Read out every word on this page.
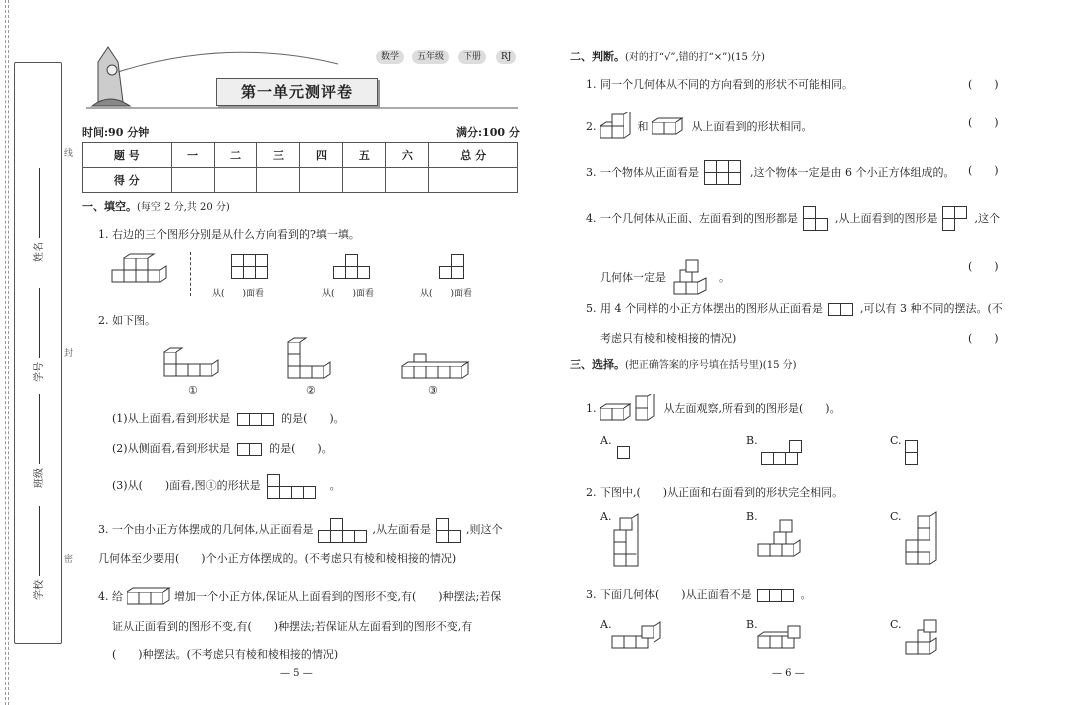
姓名
学号
班级
学校
线
封
密
数学	五年级	下册	RJ
第一单元测评卷
时间:90 分钟	满分:100 分
题 号	一	二	三	四	五	六	总 分
得 分							
一、填空。(每空 2 分,共 20 分)
1. 右边的三个图形分别是从什么方向看到的?填一填。
从(　　)面看	从(　　)面看	从(　　)面看
2. 如下图。
①	②	③
(1)从上面看,看到形状是	的是(　　)。
(2)从侧面看,看到形状是	的是(　　)。
(3)从(　　)面看,图①的形状是	。
3. 一个由小正方体摆成的几何体,从正面看是	,从左面看是	,则这个
几何体至少要用(　　)个小正方体摆成的。(不考虑只有棱和棱相接的情况)
4. 给	增加一个小正方体,保证从上面看到的图形不变,有(　　)种摆法;若保
证从正面看到的图形不变,有(　　)种摆法;若保证从左面看到的图形不变,有
(　　)种摆法。(不考虑只有棱和棱相接的情况)
— 5 —
二、判断。(对的打“√”,错的打“×”)(15 分)
1. 同一个几何体从不同的方向看到的形状不可能相同。	(　　)
2.	和	从上面看到的形状相同。	(　　)
3. 一个物体从正面看是	,这个物体一定是由 6 个小正方体组成的。 (　　)
4. 一个几何体从正面、左面看到的图形都是	,从上面看到的图形是	,这个
几何体一定是	。
(　　)
5. 用 4 个同样的小正方体摆出的图形从正面看是	,可以有 3 种不同的摆法。(不
考虑只有棱和棱相接的情况)	(　　)
三、选择。(把正确答案的序号填在括号里)(15 分)
1.	从左面观察,所看到的图形是(　　)。
A.	B.	C.
2. 下图中,(　　)从正面和右面看到的形状完全相同。
A.	B.	C.
3. 下面几何体(　　)从正面看不是	。
A.	B.	C.
— 6 —
